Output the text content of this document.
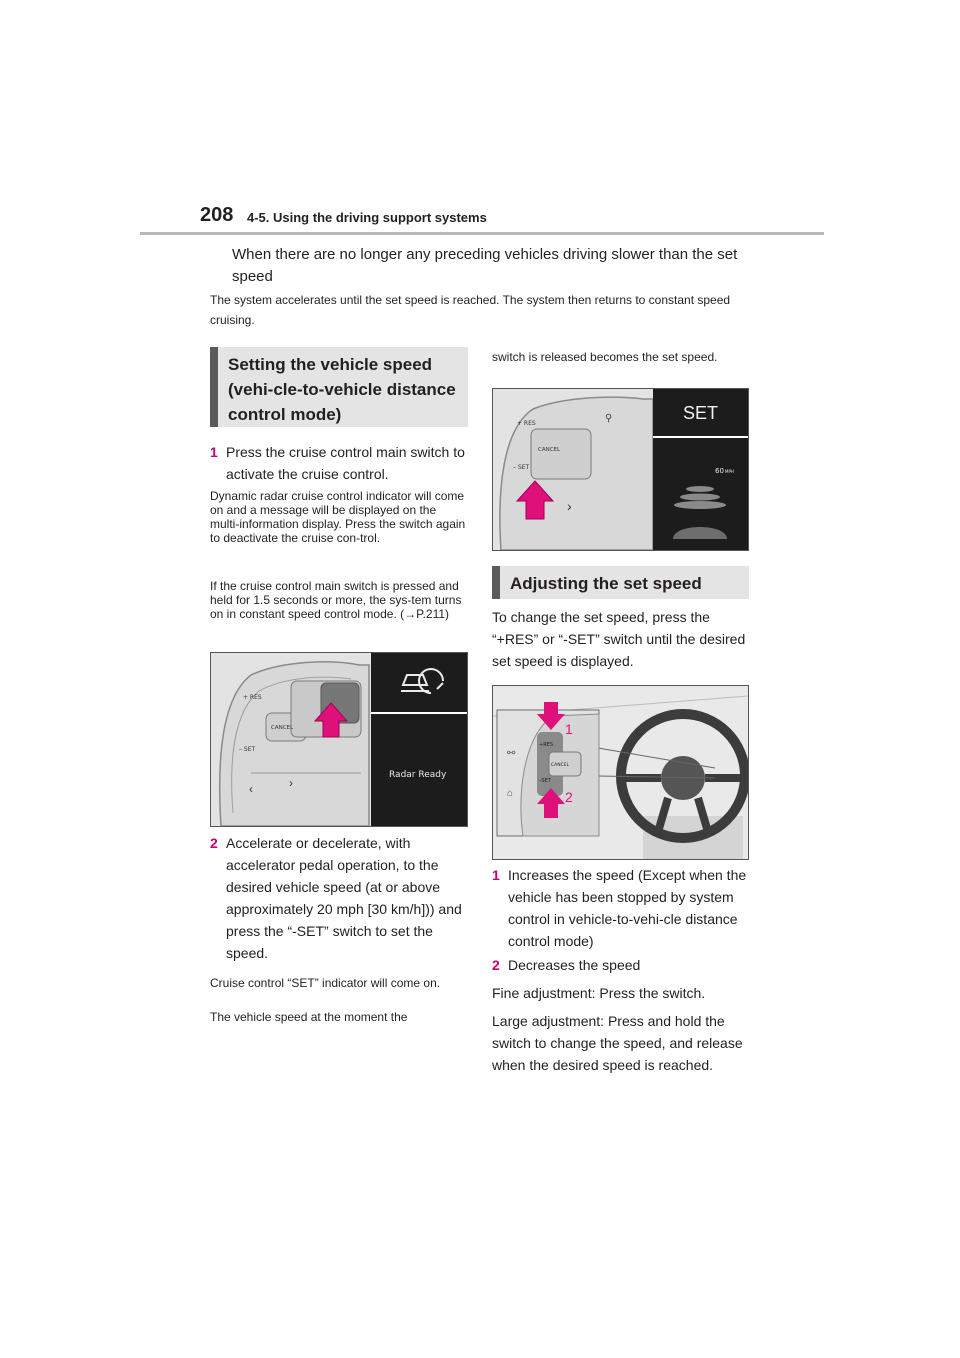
208 4-5. Using the driving support systems
When there are no longer any preceding vehicles driving slower than the set speed
The system accelerates until the set speed is reached. The system then returns to constant speed cruising.
Setting the vehicle speed (vehi-cle-to-vehicle distance control mode)
1 Press the cruise control main switch to activate the cruise control.
Dynamic radar cruise control indicator will come on and a message will be displayed on the multi-information display. Press the switch again to deactivate the cruise con-trol.
If the cruise control main switch is pressed and held for 1.5 seconds or more, the sys-tem turns on in constant speed control mode. (→P.211)
+ RES
CANCEL
– SET
‹	›
Radar Ready
2 Accelerate or decelerate, with accelerator pedal operation, to the desired vehicle speed (at or above approximately 20 mph [30 km/h])) and press the “-SET” switch to set the speed.
Cruise control “SET” indicator will come on.
The vehicle speed at the moment the
switch is released becomes the set speed.
+ RES
CANCEL
– SET
⚲
›
SET
60 MPH
Adjusting the set speed
To change the set speed, press the “+RES” or “-SET” switch until the desired set speed is displayed.
+RES
CANCEL
–SET
⚯
⌂
1
2
1 Increases the speed (Except when the vehicle has been stopped by system control in vehicle-to-vehi-cle distance control mode)
2 Decreases the speed
Fine adjustment: Press the switch.
Large adjustment: Press and hold the switch to change the speed, and release when the desired speed is reached.
